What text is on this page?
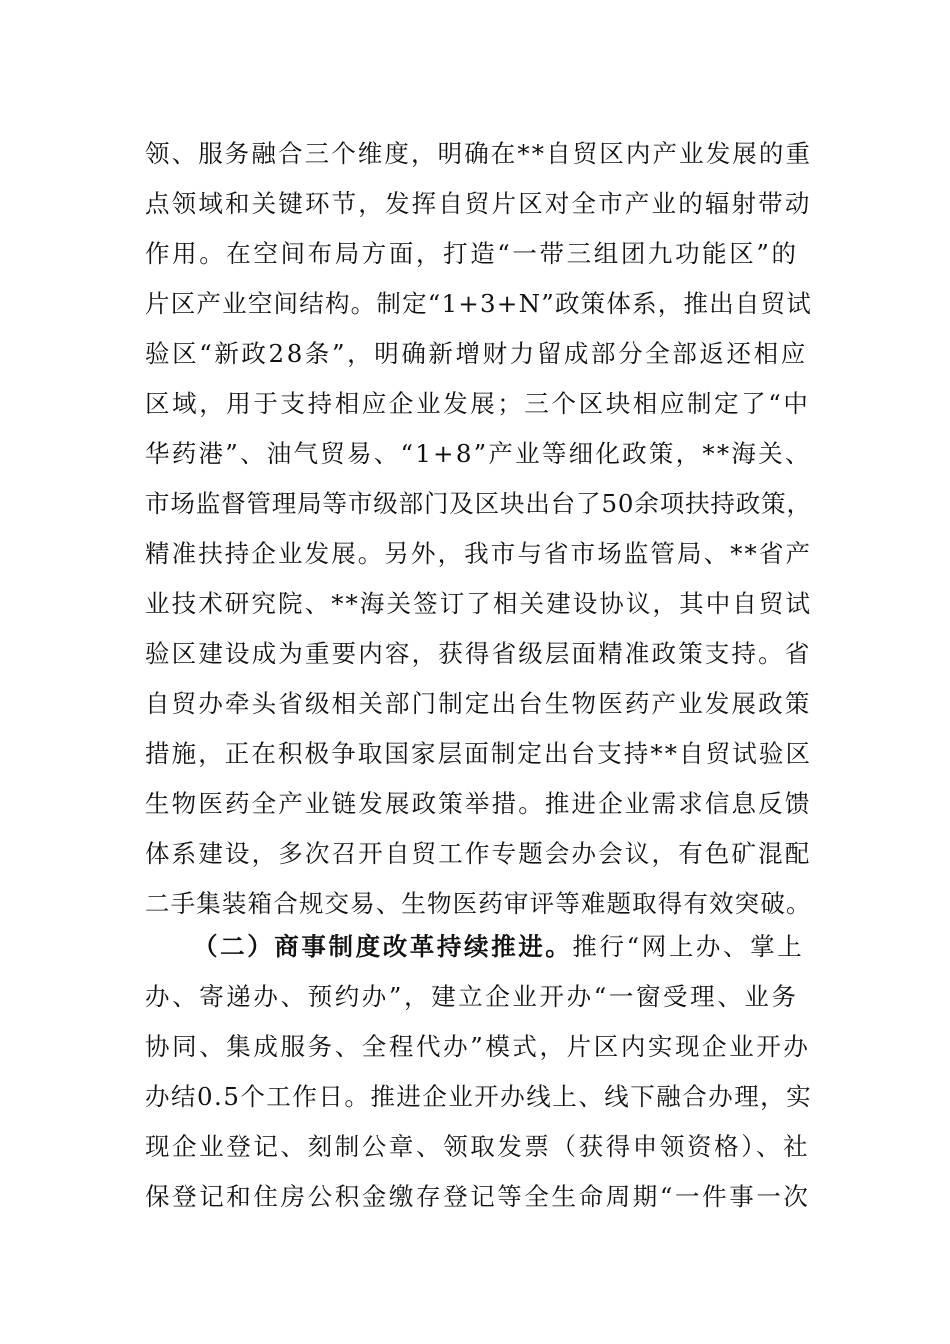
领、服务融合三个维度，明确在**自贸区内产业发展的重
点领域和关键环节，发挥自贸片区对全市产业的辐射带动
作用。在空间布局方面，打造“一带三组团九功能区”的
片区产业空间结构。制定“1+3+N”政策体系，推出自贸试
验区“新政28条”，明确新增财力留成部分全部返还相应
区域，用于支持相应企业发展；三个区块相应制定了“中
华药港”、油气贸易、“1+8”产业等细化政策，**海关、
市场监督管理局等市级部门及区块出台了50余项扶持政策，
精准扶持企业发展。另外，我市与省市场监管局、**省产
业技术研究院、**海关签订了相关建设协议，其中自贸试
验区建设成为重要内容，获得省级层面精准政策支持。省
自贸办牵头省级相关部门制定出台生物医药产业发展政策
措施，正在积极争取国家层面制定出台支持**自贸试验区
生物医药全产业链发展政策举措。推进企业需求信息反馈
体系建设，多次召开自贸工作专题会办会议，有色矿混配
二手集装箱合规交易、生物医药审评等难题取得有效突破。
（二）商事制度改革持续推进。推行“网上办、掌上
办、寄递办、预约办”，建立企业开办“一窗受理、业务
协同、集成服务、全程代办”模式，片区内实现企业开办
办结0.5个工作日。推进企业开办线上、线下融合办理，实
现企业登记、刻制公章、领取发票（获得申领资格）、社
保登记和住房公积金缴存登记等全生命周期“一件事一次
